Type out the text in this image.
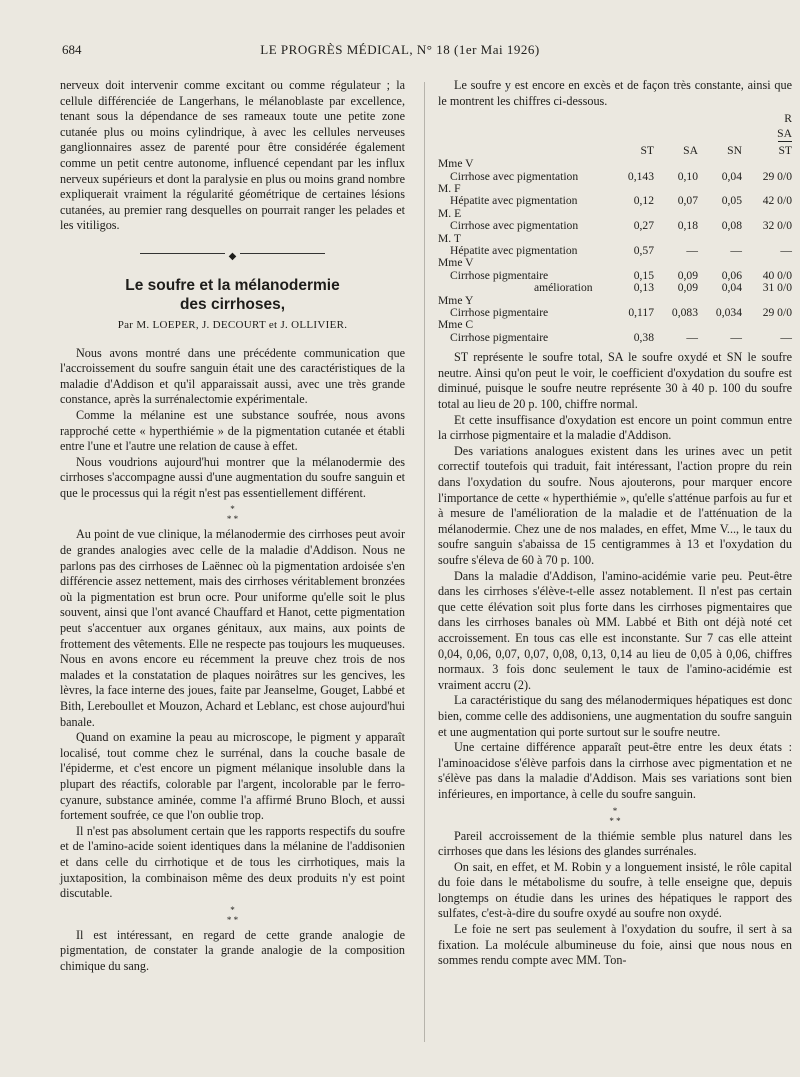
684	LE PROGRÈS MÉDICAL, N° 18 (1er Mai 1926)

nerveux doit intervenir comme excitant ou comme régulateur ; la cellule différenciée de Langerhans, le mélanoblaste par excellence, tenant sous la dépendance de ses rameaux toute une petite zone cutanée plus ou moins cylindrique, à avec les cellules nerveuses ganglionnaires assez de parenté pour être considérée également comme un petit centre autonome, influencé cependant par les influx nerveux supérieurs et dont la paralysie en plus ou moins grand nombre expliquerait vraiment la régularité géométrique de certaines lésions cutanées, au premier rang desquelles on pourrait ranger les pelades et les vitiligos.

◆
Le soufre et la mélanodermie
des cirrhoses,
Par M. LOEPER, J. DECOURT et J. OLLIVIER.

Nous avons montré dans une précédente communication que l'accroissement du soufre sanguin était une des caractéristiques de la maladie d'Addison et qu'il apparaissait aussi, avec une très grande constance, après la surrénalectomie expérimentale.

Comme la mélanine est une substance soufrée, nous avons rapproché cette « hyperthiémie » de la pigmentation cutanée et établi entre l'une et l'autre une relation de cause à effet.

Nous voudrions aujourd'hui montrer que la mélanodermie des cirrhoses s'accompagne aussi d'une augmentation du soufre sanguin et que le processus qui la régit n'est pas essentiellement différent.

*
* *

Au point de vue clinique, la mélanodermie des cirrhoses peut avoir de grandes analogies avec celle de la maladie d'Addison. Nous ne parlons pas des cirrhoses de Laënnec où la pigmentation ardoisée s'en différencie assez nettement, mais des cirrhoses véritablement bronzées où la pigmentation est brun ocre. Pour uniforme qu'elle soit le plus souvent, ainsi que l'ont avancé Chauffard et Hanot, cette pigmentation peut s'accentuer aux organes génitaux, aux mains, aux points de frottement des vêtements. Elle ne respecte pas toujours les muqueuses. Nous en avons encore eu récemment la preuve chez trois de nos malades et la constatation de plaques noirâtres sur les gencives, les lèvres, la face interne des joues, faite par Jeanselme, Gouget, Labbé et Bith, Lereboullet et Mouzon, Achard et Leblanc, est chose aujourd'hui banale.

Quand on examine la peau au microscope, le pigment y apparaît localisé, tout comme chez le surrénal, dans la couche basale de l'épiderme, et c'est encore un pigment mélanique insoluble dans la plupart des réactifs, colorable par l'argent, incolorable par le ferro-cyanure, substance aminée, comme l'a affirmé Bruno Bloch, et aussi fortement soufrée, ce que l'on oublie trop.

Il n'est pas absolument certain que les rapports respectifs du soufre et de l'amino-acide soient identiques dans la mélanine de l'addisonien et dans celle du cirrhotique et de tous les cirrhotiques, mais la juxtaposition, la combinaison même des deux produits n'y est point discutable.

*
* *

Il est intéressant, en regard de cette grande analogie de pigmentation, de constater la grande analogie de la composition chimique du sang.

Le soufre y est encore en excès et de façon très constante, ainsi que le montrent les chiffres ci-dessous.

	ST	SA	SN	R
SA
ST
Mme V				
Cirrhose avec pigmentation	0,143	0,10	0,04	29 0/0
M. F				
Hépatite avec pigmentation	0,12	0,07	0,05	42 0/0
M. E				
Cirrhose avec pigmentation	0,27	0,18	0,08	32 0/0
M. T				
Hépatite avec pigmentation	0,57	—	—	—
Mme V				
Cirrhose pigmentaire	0,15	0,09	0,06	40 0/0
amélioration	0,13	0,09	0,04	31 0/0
Mme Y				
Cirrhose pigmentaire	0,117	0,083	0,034	29 0/0
Mme C				
Cirrhose pigmentaire	0,38	—	—	—

ST représente le soufre total, SA le soufre oxydé et SN le soufre neutre. Ainsi qu'on peut le voir, le coefficient d'oxydation du soufre est diminué, puisque le soufre neutre représente 30 à 40 p. 100 du soufre total au lieu de 20 p. 100, chiffre normal.

Et cette insuffisance d'oxydation est encore un point commun entre la cirrhose pigmentaire et la maladie d'Addison.

Des variations analogues existent dans les urines avec un petit correctif toutefois qui traduit, fait intéressant, l'action propre du rein dans l'oxydation du soufre. Nous ajouterons, pour marquer encore l'importance de cette « hyperthiémie », qu'elle s'atténue parfois au fur et à mesure de l'amélioration de la maladie et de l'atténuation de la mélanodermie. Chez une de nos malades, en effet, Mme V..., le taux du soufre sanguin s'abaissa de 15 centigrammes à 13 et l'oxydation du soufre s'éleva de 60 à 70 p. 100.

Dans la maladie d'Addison, l'amino-acidémie varie peu. Peut-être dans les cirrhoses s'élève-t-elle assez notablement. Il n'est pas certain que cette élévation soit plus forte dans les cirrhoses pigmentaires que dans les cirrhoses banales où MM. Labbé et Bith ont déjà noté cet accroissement. En tous cas elle est inconstante. Sur 7 cas elle atteint 0,04, 0,06, 0,07, 0,07, 0,08, 0,13, 0,14 au lieu de 0,05 à 0,06, chiffres normaux. 3 fois donc seulement le taux de l'amino-acidémie est vraiment accru (2).

La caractéristique du sang des mélanodermiques hépatiques est donc bien, comme celle des addisoniens, une augmentation du soufre sanguin et une augmentation qui porte surtout sur le soufre neutre.

Une certaine différence apparaît peut-être entre les deux états : l'aminoacidose s'élève parfois dans la cirrhose avec pigmentation et ne s'élève pas dans la maladie d'Addison. Mais ses variations sont bien inférieures, en importance, à celle du soufre sanguin.

*
* *

Pareil accroissement de la thiémie semble plus naturel dans les cirrhoses que dans les lésions des glandes surrénales.

On sait, en effet, et M. Robin y a longuement insisté, le rôle capital du foie dans le métabolisme du soufre, à telle enseigne que, depuis longtemps on étudie dans les urines des hépatiques le rapport des sulfates, c'est-à-dire du soufre oxydé au soufre non oxydé.

Le foie ne sert pas seulement à l'oxydation du soufre, il sert à sa fixation. La molécule albumineuse du foie, ainsi que nous nous en sommes rendu compte avec MM. Ton-
